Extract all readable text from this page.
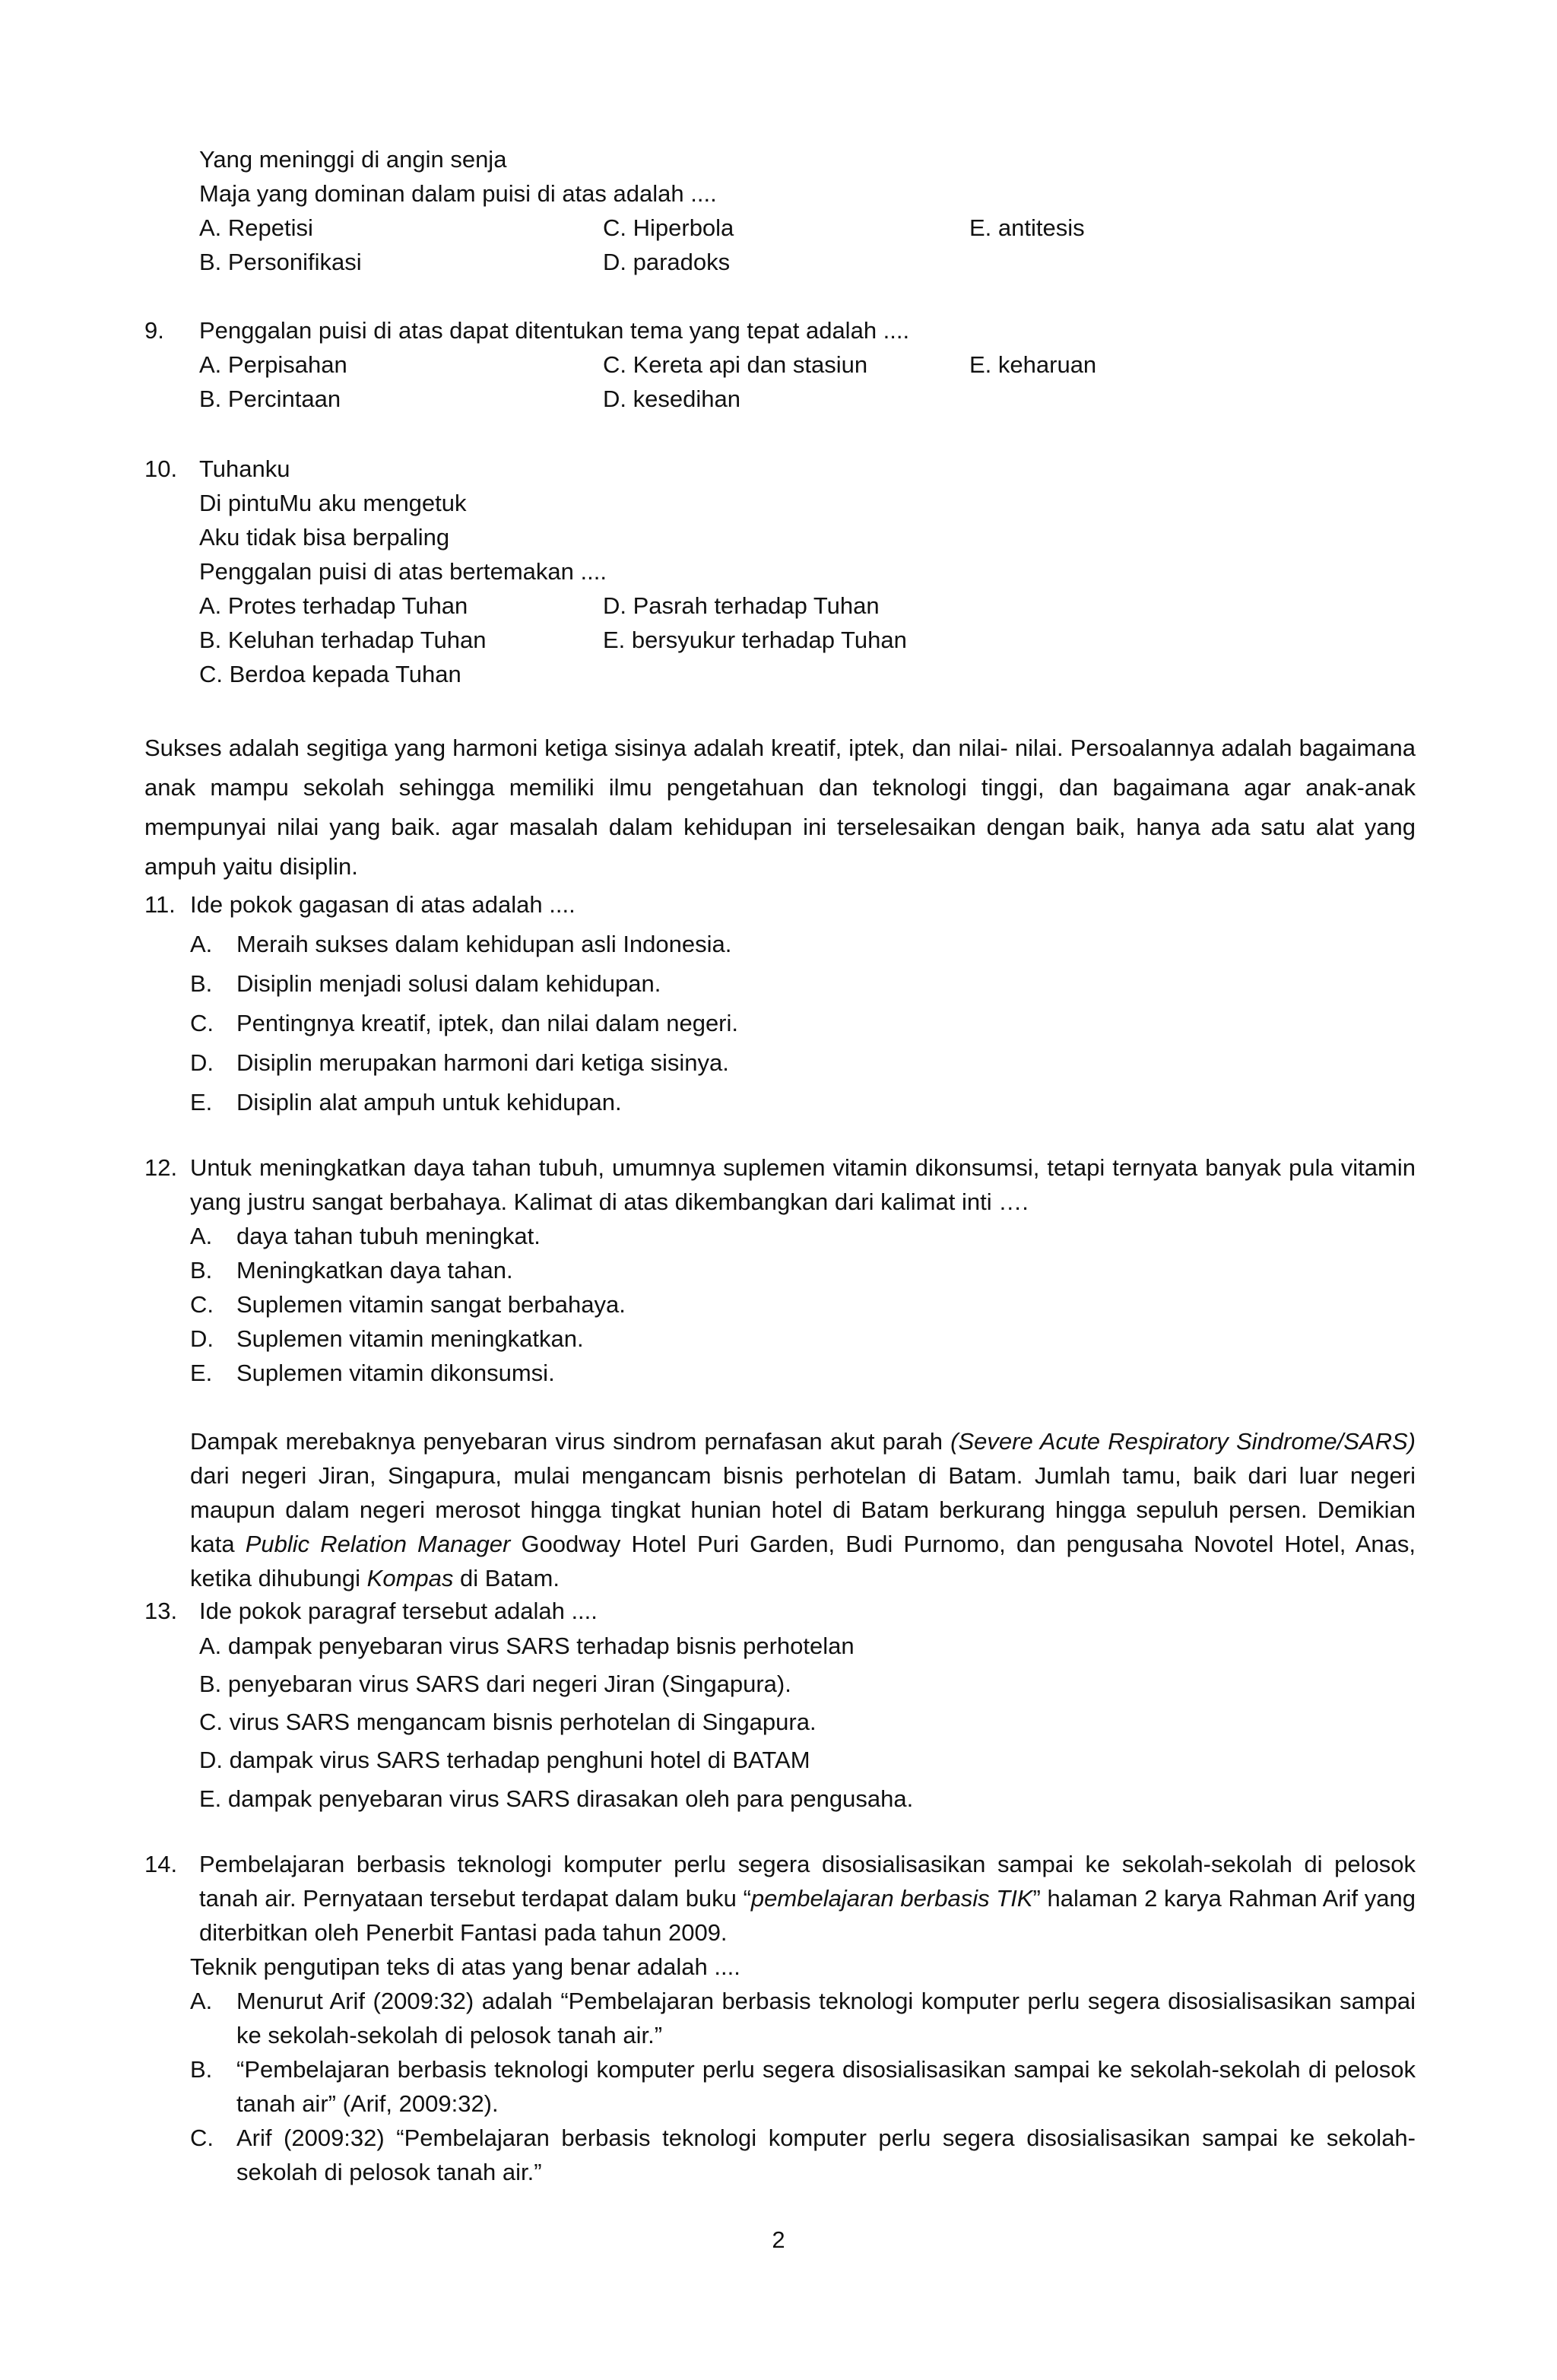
Yang meninggi di angin senja
Maja yang dominan dalam puisi di atas adalah ....
A. Repetisi
B. Personifikasi
C. Hiperbola
D. paradoks
E. antitesis
9. Penggalan puisi di atas dapat ditentukan tema yang tepat adalah ....
A. Perpisahan
B. Percintaan
C. Kereta api dan stasiun
D. kesedihan
E. keharuan
10. Tuhanku
Di pintuMu aku mengetuk
Aku tidak bisa berpaling
Penggalan puisi di atas bertemakan ....
A. Protes terhadap Tuhan
B. Keluhan terhadap Tuhan
C. Berdoa kepada Tuhan
D. Pasrah terhadap Tuhan
E. bersyukur terhadap Tuhan
Sukses adalah segitiga yang harmoni ketiga sisinya adalah kreatif, iptek, dan nilai- nilai. Persoalannya adalah bagaimana anak mampu sekolah sehingga memiliki ilmu pengetahuan dan teknologi tinggi, dan bagaimana agar anak-anak mempunyai nilai yang baik. agar masalah dalam kehidupan ini terselesaikan dengan baik, hanya ada satu alat yang ampuh yaitu disiplin.
11. Ide pokok gagasan di atas adalah ....
A. Meraih sukses dalam kehidupan asli Indonesia.
B. Disiplin menjadi solusi dalam kehidupan.
C. Pentingnya kreatif, iptek, dan nilai dalam negeri.
D. Disiplin merupakan harmoni dari ketiga sisinya.
E. Disiplin alat ampuh untuk kehidupan.
12. Untuk meningkatkan daya tahan tubuh, umumnya suplemen vitamin dikonsumsi, tetapi ternyata banyak pula vitamin yang justru sangat berbahaya. Kalimat di atas dikembangkan dari kalimat inti ….
A. daya tahan tubuh meningkat.
B. Meningkatkan daya tahan.
C. Suplemen vitamin sangat berbahaya.
D. Suplemen vitamin meningkatkan.
E. Suplemen vitamin dikonsumsi.
Dampak merebaknya penyebaran virus sindrom pernafasan akut parah (Severe Acute Respiratory Sindrome/SARS) dari negeri Jiran, Singapura, mulai mengancam bisnis perhotelan di Batam. Jumlah tamu, baik dari luar negeri maupun dalam negeri merosot hingga tingkat hunian hotel di Batam berkurang hingga sepuluh persen. Demikian kata Public Relation Manager Goodway Hotel Puri Garden, Budi Purnomo, dan pengusaha Novotel Hotel, Anas, ketika dihubungi Kompas di Batam.
13. Ide pokok paragraf tersebut adalah ....
A. dampak penyebaran virus SARS terhadap bisnis perhotelan
B. penyebaran virus SARS dari negeri Jiran (Singapura).
C. virus SARS mengancam bisnis perhotelan di Singapura.
D. dampak virus SARS terhadap penghuni hotel di BATAM
E. dampak penyebaran virus SARS dirasakan oleh para pengusaha.
14. Pembelajaran berbasis teknologi komputer perlu segera disosialisasikan sampai ke sekolah-sekolah di pelosok tanah air. Pernyataan tersebut terdapat dalam buku “pembelajaran berbasis TIK” halaman 2 karya Rahman Arif yang diterbitkan oleh Penerbit Fantasi pada tahun 2009.
Teknik pengutipan teks di atas yang benar adalah ....
A. Menurut Arif (2009:32) adalah “Pembelajaran berbasis teknologi komputer perlu segera disosialisasikan sampai ke sekolah-sekolah di pelosok tanah air.”
B. “Pembelajaran berbasis teknologi komputer perlu segera disosialisasikan sampai ke sekolah-sekolah di pelosok tanah air” (Arif, 2009:32).
C. Arif (2009:32) “Pembelajaran berbasis teknologi komputer perlu segera disosialisasikan sampai ke sekolah-sekolah di pelosok tanah air.”
2
